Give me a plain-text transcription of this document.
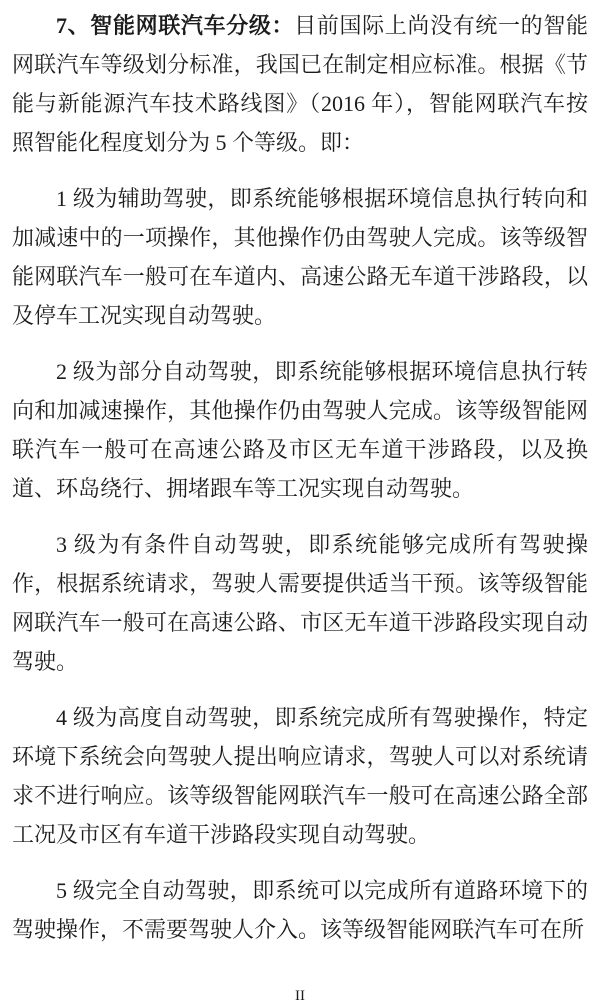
7、智能网联汽车分级：目前国际上尚没有统一的智能网联汽车等级划分标准，我国已在制定相应标准。根据《节能与新能源汽车技术路线图》（2016 年），智能网联汽车按照智能化程度划分为 5 个等级。即：

1 级为辅助驾驶，即系统能够根据环境信息执行转向和加减速中的一项操作，其他操作仍由驾驶人完成。该等级智能网联汽车一般可在车道内、高速公路无车道干涉路段，以及停车工况实现自动驾驶。

2 级为部分自动驾驶，即系统能够根据环境信息执行转向和加减速操作，其他操作仍由驾驶人完成。该等级智能网联汽车一般可在高速公路及市区无车道干涉路段，以及换道、环岛绕行、拥堵跟车等工况实现自动驾驶。

3 级为有条件自动驾驶，即系统能够完成所有驾驶操作，根据系统请求，驾驶人需要提供适当干预。该等级智能网联汽车一般可在高速公路、市区无车道干涉路段实现自动驾驶。

4 级为高度自动驾驶，即系统完成所有驾驶操作，特定环境下系统会向驾驶人提出响应请求，驾驶人可以对系统请求不进行响应。该等级智能网联汽车一般可在高速公路全部工况及市区有车道干涉路段实现自动驾驶。

5 级完全自动驾驶，即系统可以完成所有道路环境下的驾驶操作，不需要驾驶人介入。该等级智能网联汽车可在所

II
